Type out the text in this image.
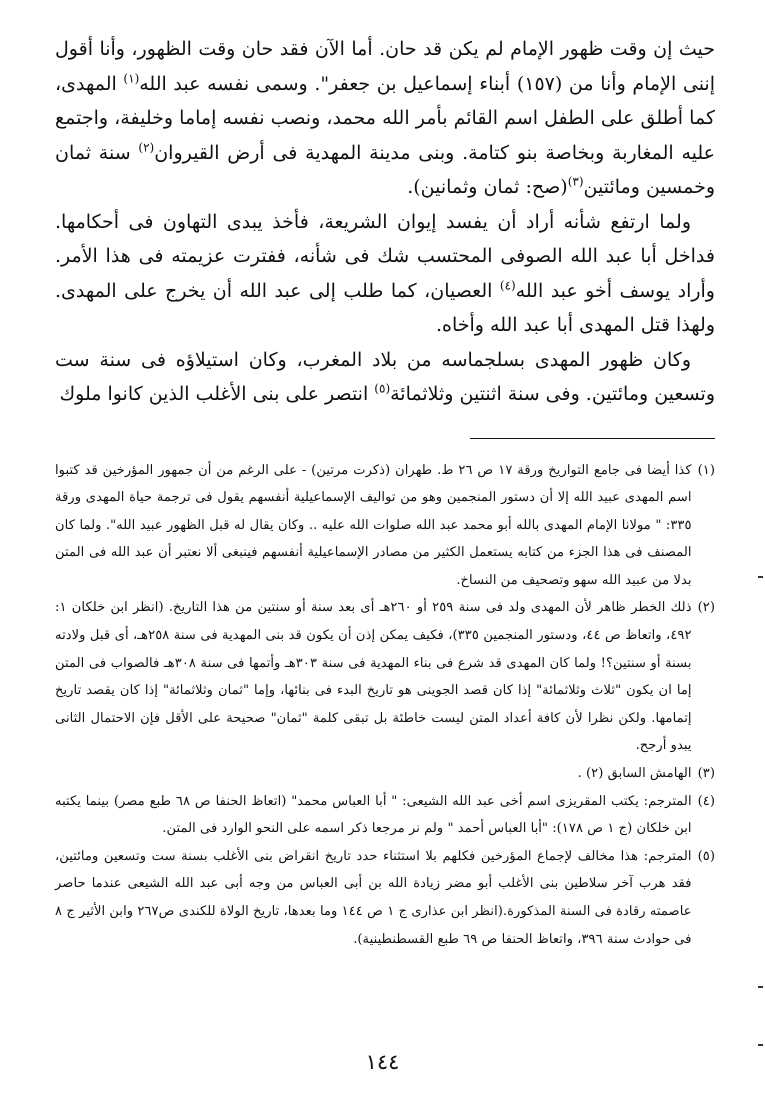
حيث إن وقت ظهور الإمام لم يكن قد حان. أما الآن فقد حان وقت الظهور، وأنا أقول إننى الإمام وأنا من (١٥٧) أبناء إسماعيل بن جعفر". وسمى نفسه عبد الله$^{(١)}$ المهدى، كما أطلق على الطفل اسم القائم بأمر الله محمد، ونصب نفسه إماما وخليفة، واجتمع عليه المغاربة وبخاصة بنو كتامة. وبنى مدينة المهدية فى أرض القيروان$^{(٢)}$ سنة ثمان وخمسين ومائتين$^{(٣)}$(صح: ثمان وثمانين).

ولما ارتفع شأنه أراد أن يفسد إيوان الشريعة، فأخذ يبدى التهاون فى أحكامها. فداخل أبا عبد الله الصوفى المحتسب شك فى شأنه، ففترت عزيمته فى هذا الأمر. وأراد يوسف أخو عبد الله$^{(٤)}$ العصيان، كما طلب إلى عبد الله أن يخرج على المهدى. ولهذا قتل المهدى أبا عبد الله وأخاه.

وكان ظهور المهدى بسلجماسه من بلاد المغرب، وكان استيلاؤه فى سنة ست وتسعين ومائتين. وفى سنة اثنتين وثلاثمائة$^{(٥)}$ انتصر على بنى الأغلب الذين كانوا ملوك

(١)
كذا أيضا فى جامع التواريخ ورقة ١٧ ص ٢٦ ط. طهران (ذكرت مرتين) - على الرغم من أن جمهور المؤرخين قد كتبوا اسم المهدى عبيد الله إلا أن دستور المنجمين وهو من تواليف الإسماعيلية أنفسهم يقول فى ترجمة حياة المهدى ورقة ٣٣٥: " مولانا الإمام المهدى بالله أبو محمد عبد الله صلوات الله عليه .. وكان يقال له قبل الظهور عبيد الله". ولما كان المصنف فى هذا الجزء من كتابه يستعمل الكثير من مصادر الإسماعيلية أنفسهم فينبغى ألا نعتبر أن عبد الله فى المتن بدلا من عبيد الله سهو وتصحيف من النساخ.
(٢)
ذلك الخطر ظاهر لأن المهدى ولد فى سنة ٢٥٩ أو ٢٦٠هـ أى بعد سنة أو سنتين من هذا التاريخ. (انظر ابن خلكان ١: ٤٩٢، واتعاظ ص ٤٤، ودستور المنجمين ٣٣٥)، فكيف يمكن إذن أن يكون قد بنى المهدية فى سنة ٢٥٨هـ، أى قبل ولادته بسنة أو سنتين؟! ولما كان المهدى قد شرع فى بناء المهدية فى سنة ٣٠٣هـ وأتمها فى سنة ٣٠٨هـ فالصواب فى المتن إما ان يكون "ثلاث وثلاثمائة" إذا كان قصد الجوينى هو تاريخ البدء فى بنائها، وإما "ثمان وثلاثمائة" إذا كان يقصد تاريخ إتمامها. ولكن نظرا لأن كافة أعداد المتن ليست خاطئة بل تبقى كلمة "ثمان" صحيحة على الأقل فإن الاحتمال الثانى يبدو أرجح.
(٣)
الهامش السابق (٢) .
(٤)
المترجم: يكتب المقريزى اسم أخى عبد الله الشيعى: " أبا العباس محمد" (اتعاظ الحنفا ص ٦٨ طبع مصر) بينما يكتبه ابن خلكان (ج ١ ص ١٧٨): "أبا العباس أحمد " ولم نر مرجعا ذكر اسمه على النحو الوارد فى المتن.
(٥)
المترجم: هذا مخالف لإجماع المؤرخين فكلهم بلا استثناء حدد تاريخ انقراض بنى الأغلب بسنة ست وتسعين ومائتين، فقد هرب آخر سلاطين بنى الأغلب أبو مضر زيادة الله بن أبى العباس من وجه أبى عبد الله الشيعى عندما حاصر عاصمته رقادة فى السنة المذكورة.(انظر ابن عذارى ج ١ ص ١٤٤ وما بعدها، تاريخ الولاة للكندى ص٢٦٧ وابن الأثير ج ٨ فى حوادث سنة ٣٩٦، واتعاظ الحنفا ص ٦٩ طبع القسطنطينية).
١٤٤
